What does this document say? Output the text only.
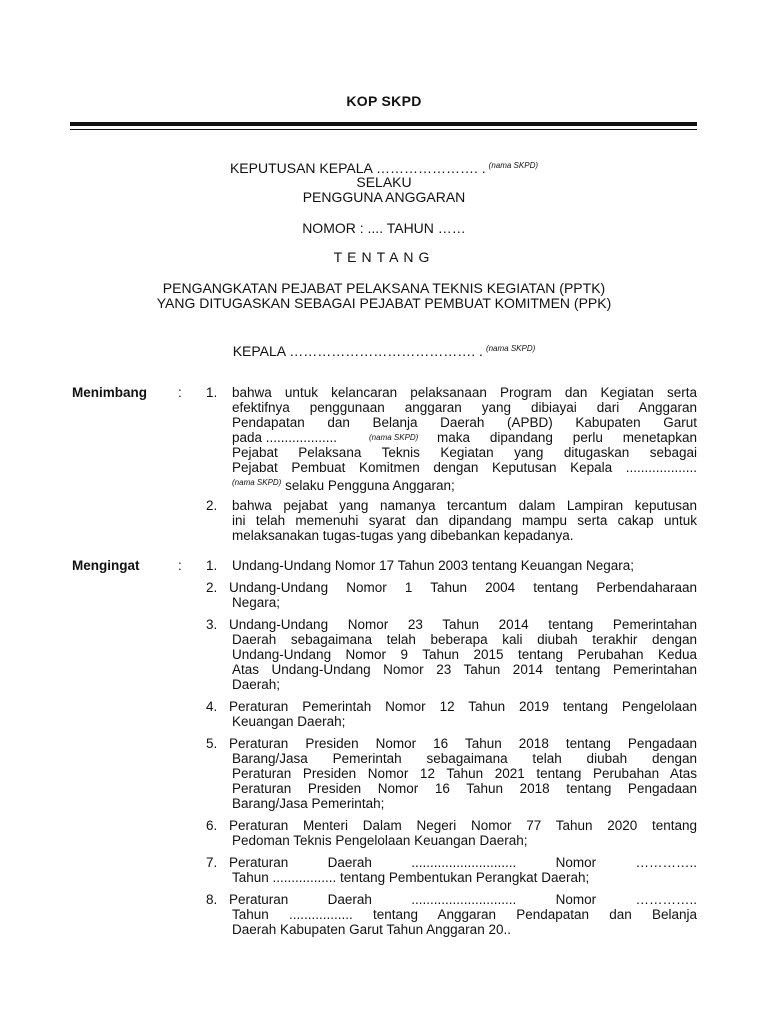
KOP SKPD
KEPUTUSAN KEPALA …………………. . $^{(nama SKPD)}$
SELAKU
PENGGUNA ANGGARAN
NOMOR : .... TAHUN ……
TENTANG
PENGANGKATAN PEJABAT PELAKSANA TEKNIS KEGIATAN (PPTK)
YANG DITUGASKAN SEBAGAI PEJABAT PEMBUAT KOMITMEN (PPK)
KEPALA …………………………………. . $^{(nama SKPD)}$
Menimbang : 1. bahwa untuk kelancaran pelaksanaan Program dan Kegiatan serta
efektifnya penggunaan anggaran yang dibiayai dari Anggaran
Pendapatan dan Belanja Daerah (APBD) Kabupaten Garut
pada ...................	(nama SKPD) maka dipandang perlu menetapkan
Pejabat Pelaksana Teknis Kegiatan yang ditugaskan sebagai
Pejabat Pembuat Komitmen dengan Keputusan Kepala ...................
$^{(nama SKPD)}$ selaku Pengguna Anggaran;
2. bahwa pejabat yang namanya tercantum dalam Lampiran keputusan
ini telah memenuhi syarat dan dipandang mampu serta cakap untuk
melaksanakan tugas-tugas yang dibebankan kepadanya.
Mengingat	: 1. Undang-Undang Nomor 17 Tahun 2003 tentang Keuangan Negara;
2. Undang-Undang Nomor 1 Tahun 2004 tentang Perbendaharaan
Negara;
3. Undang-Undang Nomor 23 Tahun 2014 tentang Pemerintahan
Daerah sebagaimana telah beberapa kali diubah terakhir dengan
Undang-Undang Nomor 9 Tahun 2015 tentang Perubahan Kedua
Atas Undang-Undang Nomor 23 Tahun 2014 tentang Pemerintahan
Daerah;
4. Peraturan Pemerintah Nomor 12 Tahun 2019 tentang Pengelolaan
Keuangan Daerah;
5. Peraturan Presiden Nomor 16 Tahun 2018 tentang Pengadaan
Barang/Jasa Pemerintah sebagaimana telah diubah dengan
Peraturan Presiden Nomor 12 Tahun 2021 tentang Perubahan Atas
Peraturan Presiden Nomor 16 Tahun 2018 tentang Pengadaan
Barang/Jasa Pemerintah;
6. Peraturan Menteri Dalam Negeri Nomor 77 Tahun 2020 tentang
Pedoman Teknis Pengelolaan Keuangan Daerah;
7. Peraturan Daerah ............................ Nomor …………..
Tahun ................. tentang Pembentukan Perangkat Daerah;
8. Peraturan Daerah ............................ Nomor …………..
Tahun ................. tentang Anggaran Pendapatan dan Belanja
Daerah Kabupaten Garut Tahun Anggaran 20..
